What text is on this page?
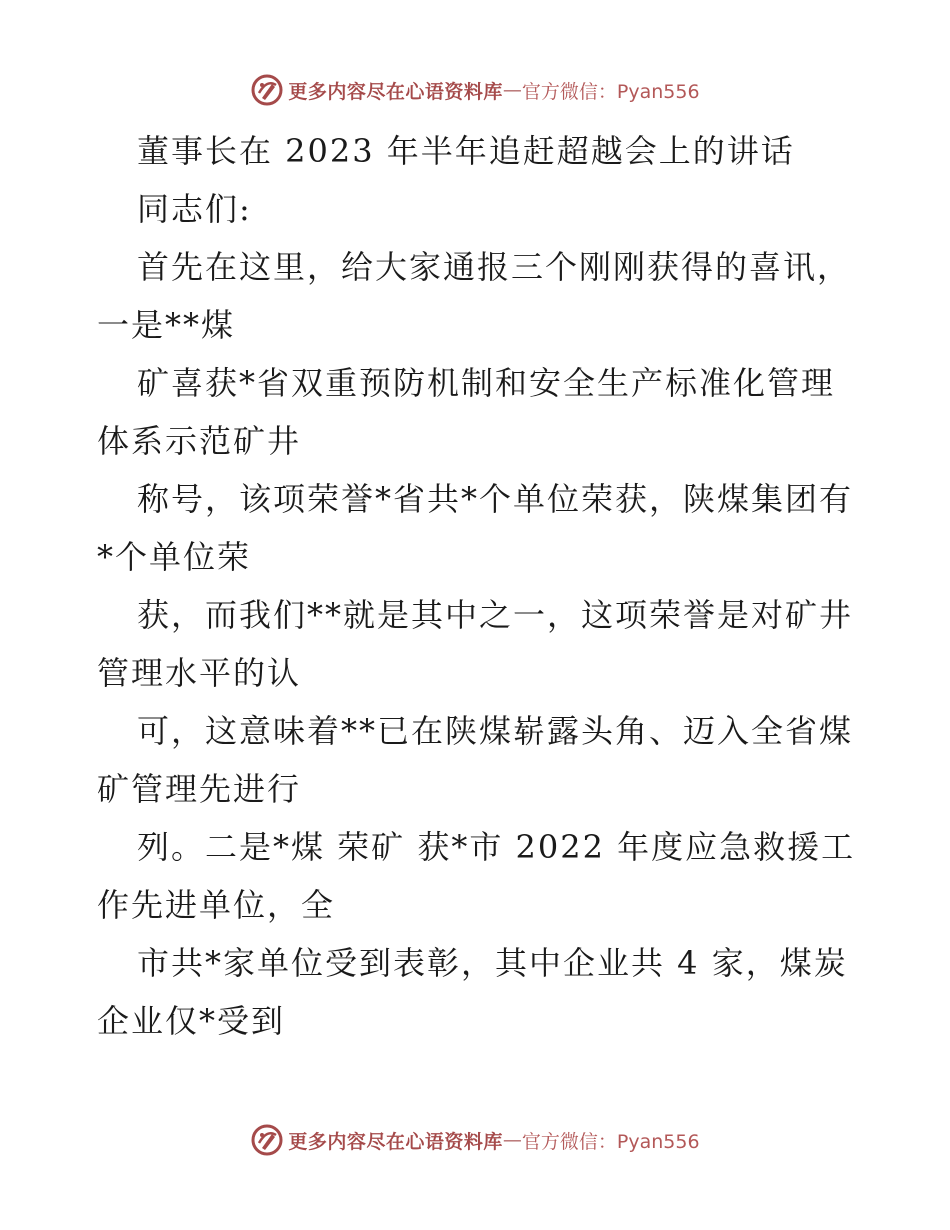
更多内容尽在心语资料库 — 官方微信：Pyan556
董事长在 2023 年半年追赶超越会上的讲话
同志们:
首先在这里，给大家通报三个刚刚获得的喜讯，
一是**煤
矿喜获*省双重预防机制和安全生产标准化管理
体系示范矿井
称号，该项荣誉*省共*个单位荣获，陕煤集团有
*个单位荣
获，而我们**就是其中之一，这项荣誉是对矿井
管理水平的认
可，这意味着**已在陕煤崭露头角、迈入全省煤
矿管理先进行
列。二是*煤 荣矿 获*市 2022 年度应急救援工
作先进单位，全
市共*家单位受到表彰，其中企业共 4 家，煤炭
企业仅*受到
更多内容尽在心语资料库 — 官方微信：Pyan556
